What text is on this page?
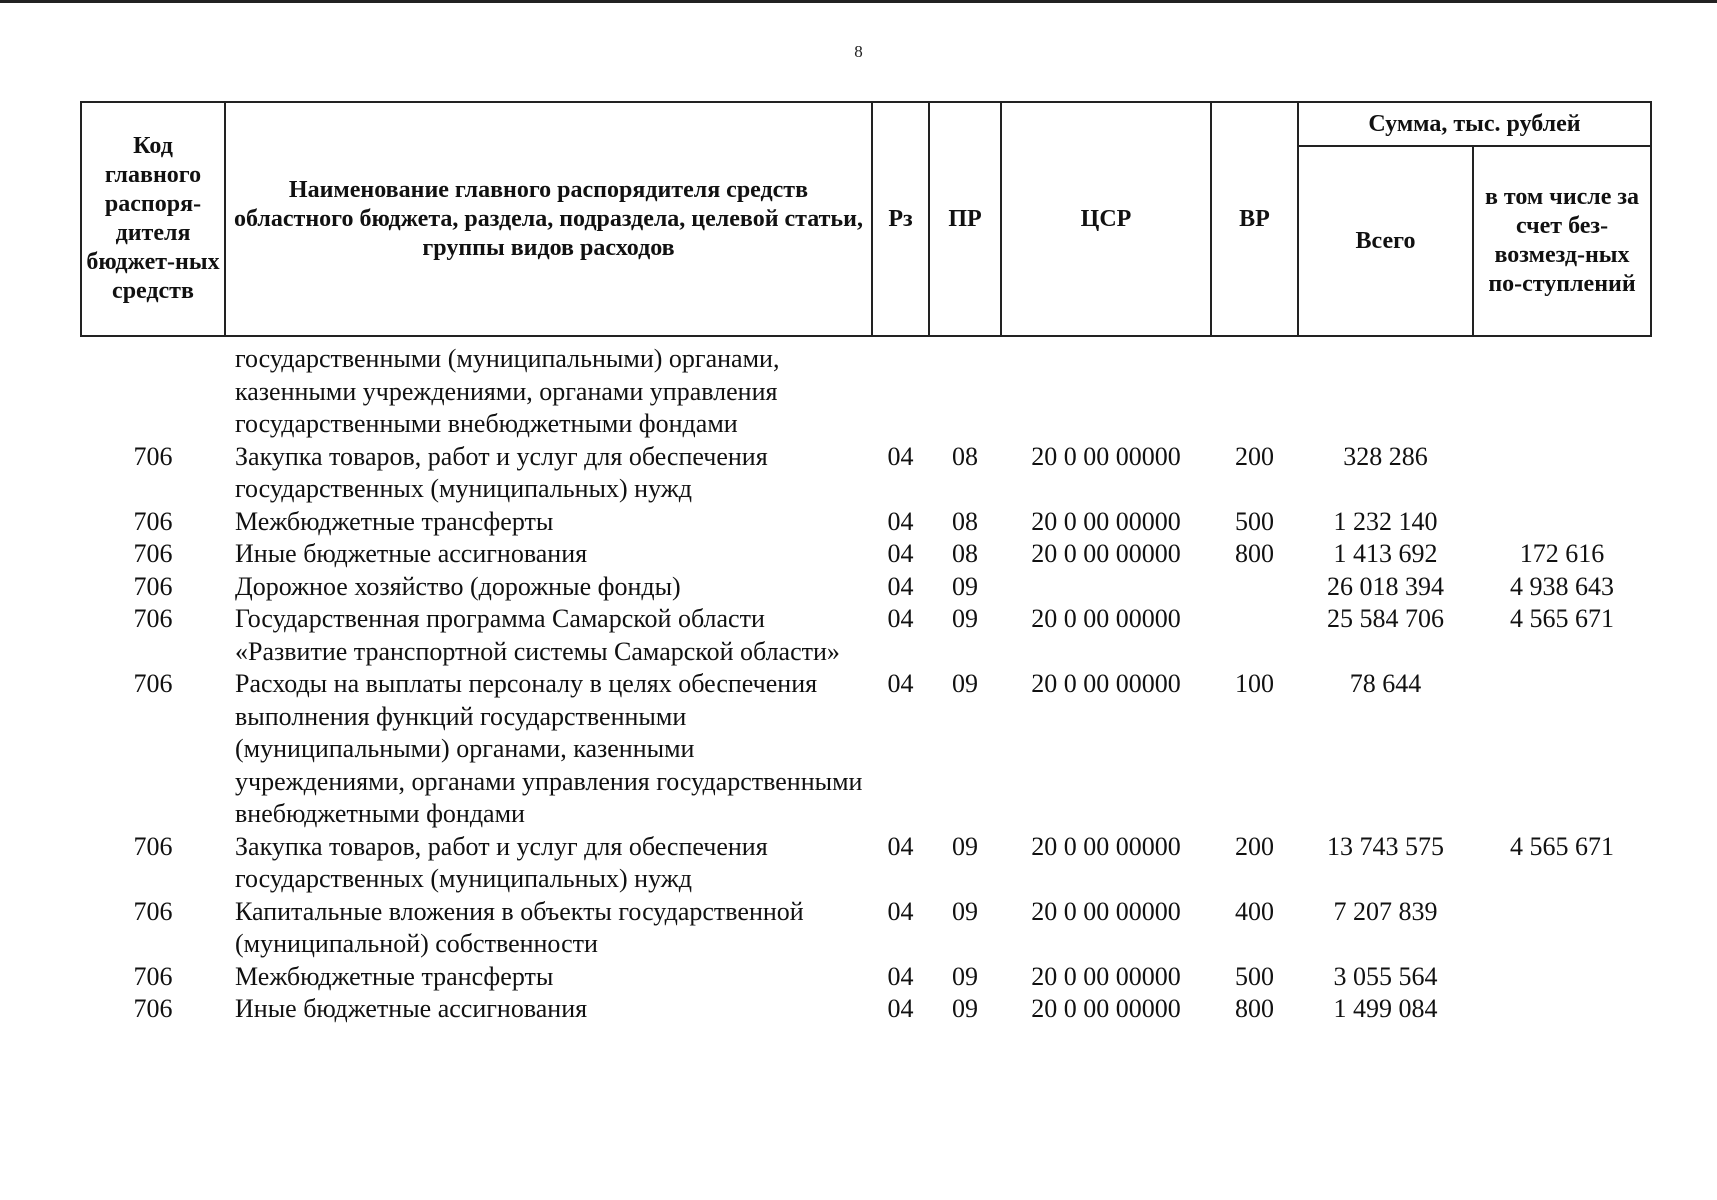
8
Код главного распоря-дителя бюджет-ных средств	Наименование главного распорядителя средств областного бюджета, раздела, подраздела, целевой статьи, группы видов расходов	Рз	ПР	ЦСР	ВР	Сумма, тыс. рублей	
						Всего	в том числе за счет без-возмезд-ных по-ступлений
	государственными (муниципальными) органами, казенными учреждениями, органами управления государственными внебюджетными фондами						
706	Закупка товаров, работ и услуг для обеспечения государственных (муниципальных) нужд	04	08	20 0 00 00000	200	328 286	
706	Межбюджетные трансферты	04	08	20 0 00 00000	500	1 232 140	
706	Иные бюджетные ассигнования	04	08	20 0 00 00000	800	1 413 692	172 616
706	Дорожное хозяйство (дорожные фонды)	04	09			26 018 394	4 938 643
706	Государственная программа Самарской области «Развитие транспортной системы Самарской области»	04	09	20 0 00 00000		25 584 706	4 565 671
706	Расходы на выплаты персоналу в целях обеспечения выполнения функций государственными (муниципальными) органами, казенными учреждениями, органами управления государственными внебюджетными фондами	04	09	20 0 00 00000	100	78 644	
706	Закупка товаров, работ и услуг для обеспечения государственных (муниципальных) нужд	04	09	20 0 00 00000	200	13 743 575	4 565 671
706	Капитальные вложения в объекты государственной (муниципальной) собственности	04	09	20 0 00 00000	400	7 207 839	
706	Межбюджетные трансферты	04	09	20 0 00 00000	500	3 055 564	
706	Иные бюджетные ассигнования	04	09	20 0 00 00000	800	1 499 084	
